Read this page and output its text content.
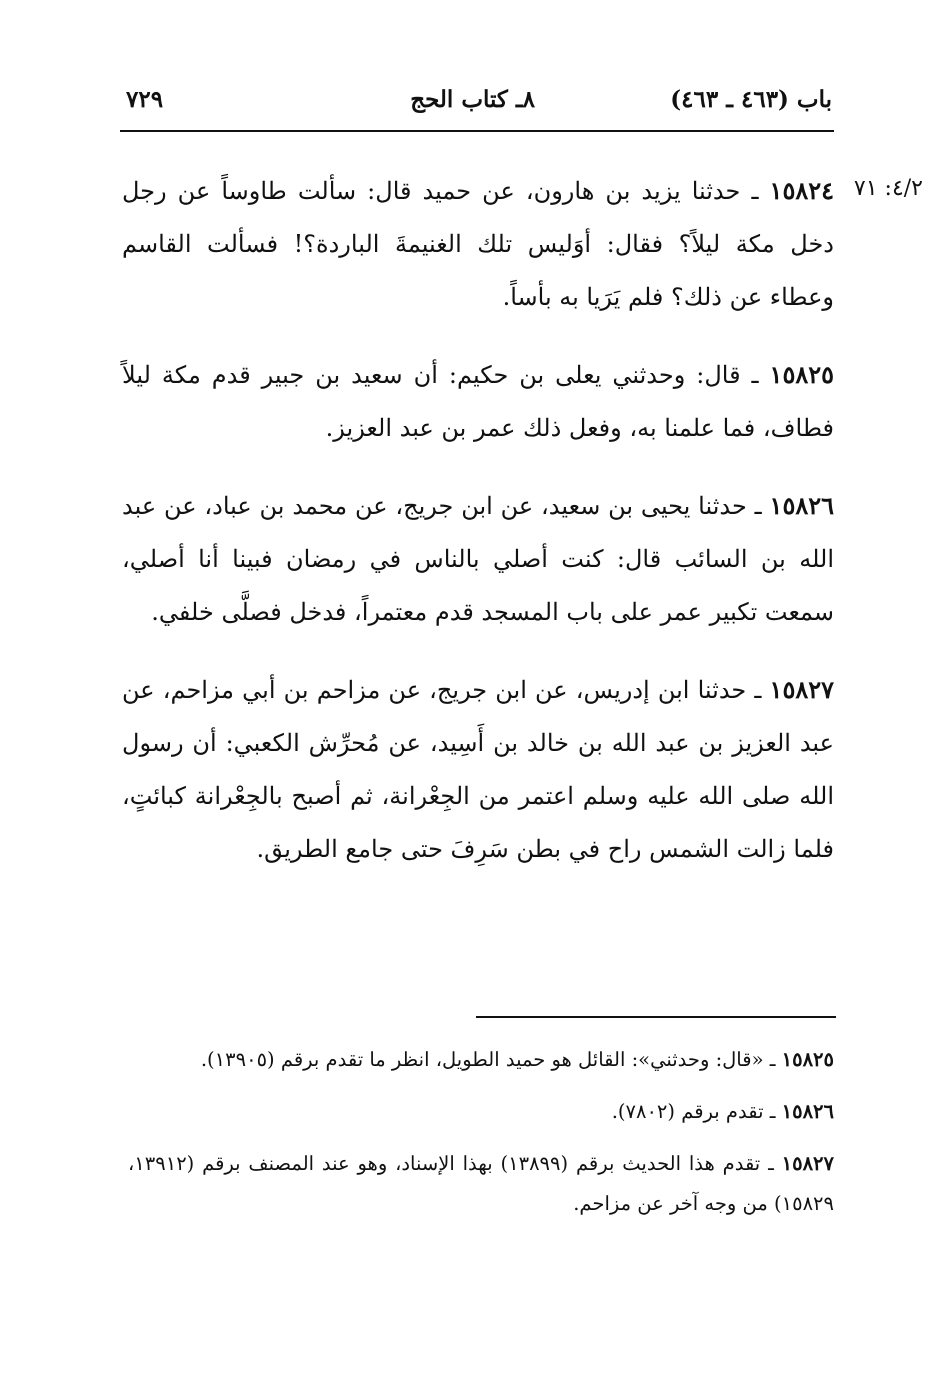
باب (٤٦٣ ـ ٤٦٣)
٨ـ كتاب الحج
٧٢٩
٤/٢: ٧١

١٥٨٢٤ ـ حدثنا يزيد بن هارون، عن حميد قال: سألت طاوساً عن رجل دخل مكة ليلاً؟ فقال: أوَليس تلك الغنيمةَ الباردة؟! فسألت القاسم وعطاء عن ذلك؟ فلم يَرَيا به بأساً.

١٥٨٢٥ ـ قال: وحدثني يعلى بن حكيم: أن سعيد بن جبير قدم مكة ليلاً فطاف، فما علمنا به، وفعل ذلك عمر بن عبد العزيز.

١٥٨٢٦ ـ حدثنا يحيى بن سعيد، عن ابن جريج، عن محمد بن عباد، عن عبد الله بن السائب قال: كنت أصلي بالناس في رمضان فبينا أنا أصلي، سمعت تكبير عمر على باب المسجد قدم معتمراً، فدخل فصلَّى خلفي.

١٥٨٢٧ ـ حدثنا ابن إدريس، عن ابن جريج، عن مزاحم بن أبي مزاحم، عن عبد العزيز بن عبد الله بن خالد بن أَسِيد، عن مُحرِّش الكعبي: أن رسول الله صلى الله عليه وسلم اعتمر من الجِعْرانة، ثم أصبح بالجِعْرانة كبائتٍ، فلما زالت الشمس راح في بطن سَرِفَ حتى جامع الطريق.

١٥٨٢٥ ـ «قال: وحدثني»: القائل هو حميد الطويل، انظر ما تقدم برقم (١٣٩٠٥).

١٥٨٢٦ ـ تقدم برقم (٧٨٠٢).

١٥٨٢٧ ـ تقدم هذا الحديث برقم (١٣٨٩٩) بهذا الإسناد، وهو عند المصنف برقم (١٣٩١٢، ١٥٨٢٩) من وجه آخر عن مزاحم.
